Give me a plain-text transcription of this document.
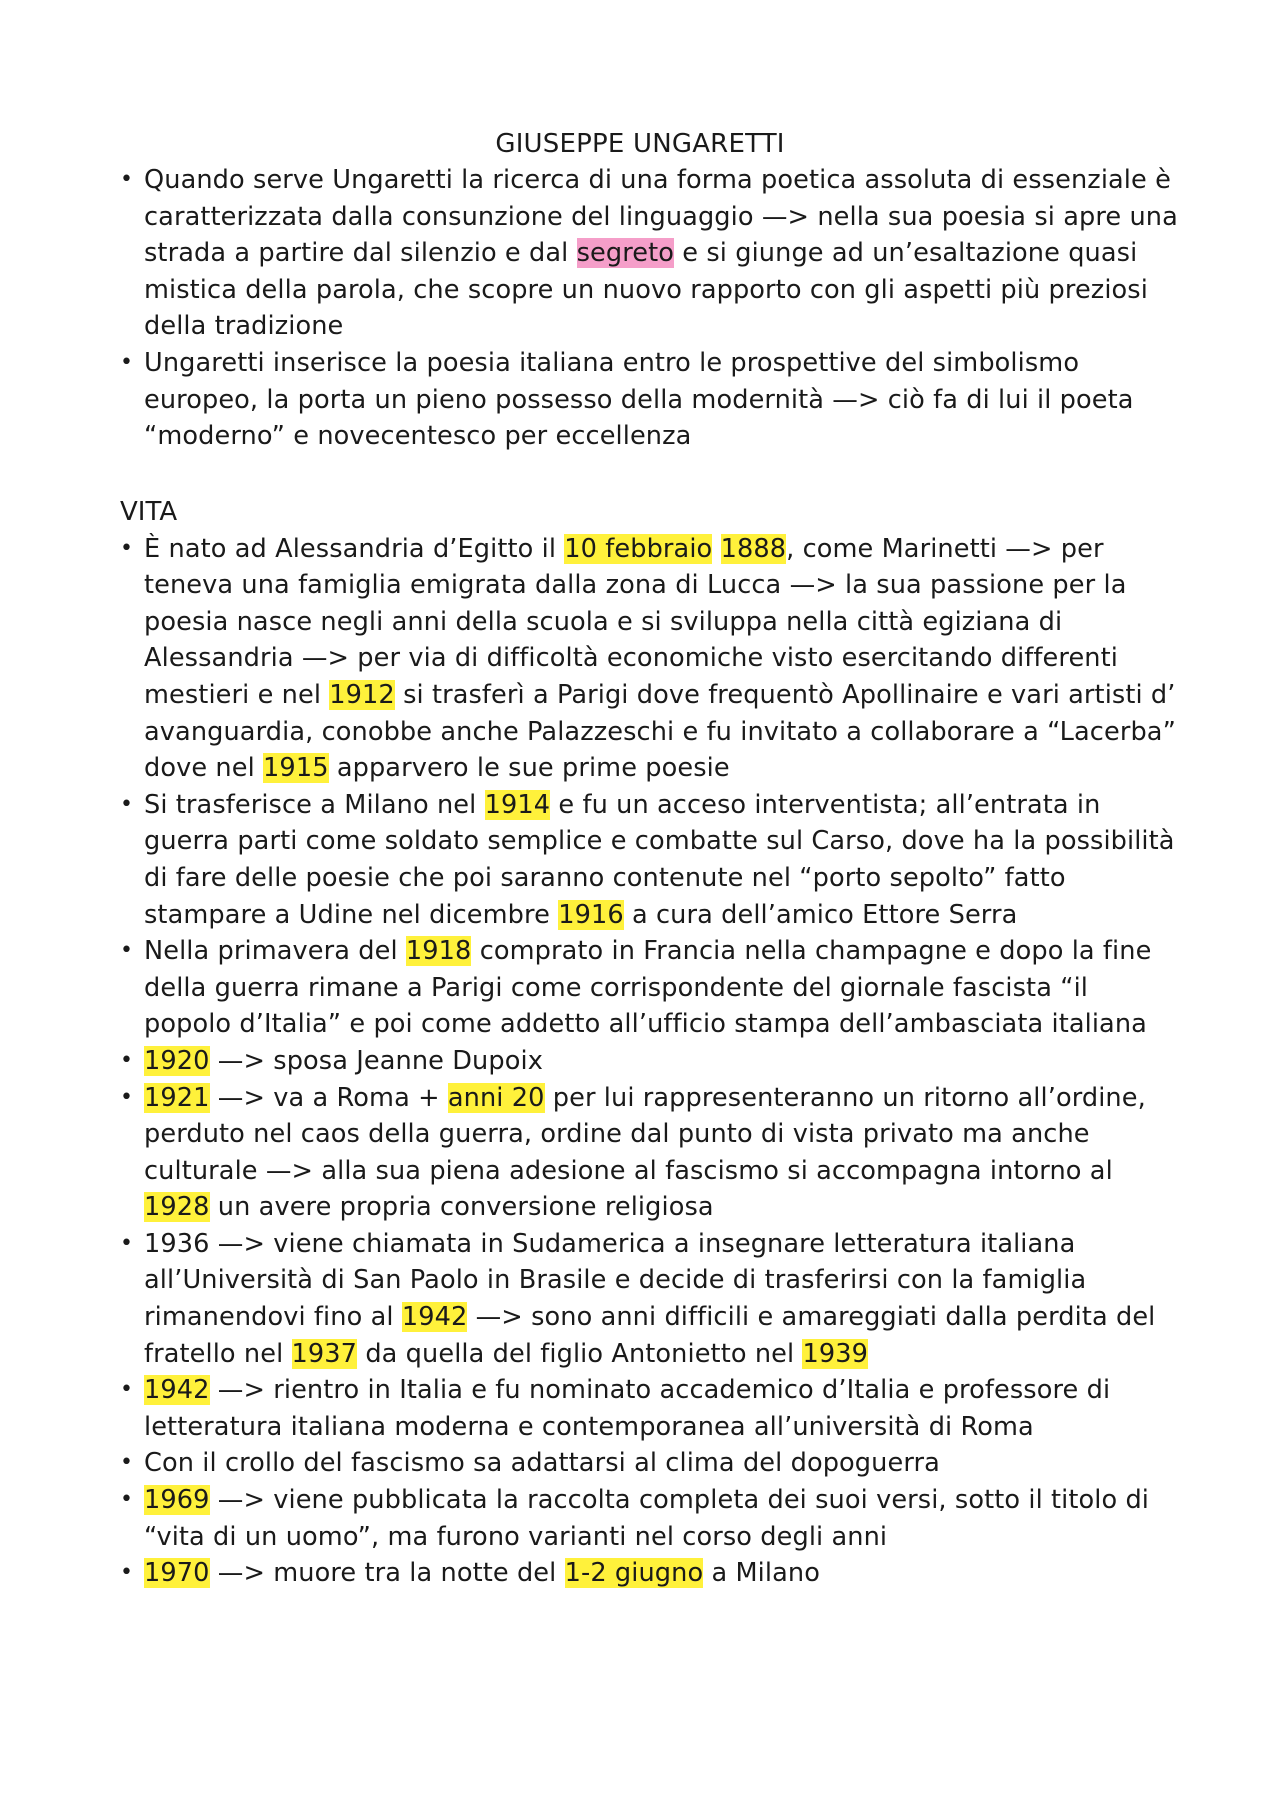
GIUSEPPE UNGARETTI
• Quando serve Ungaretti la ricerca di una forma poetica assoluta di essenziale è caratterizzata dalla consunzione del linguaggio —> nella sua poesia si apre una strada a partire dal silenzio e dal segreto e si giunge ad un’esaltazione quasi mistica della parola, che scopre un nuovo rapporto con gli aspetti più preziosi della tradizione
• Ungaretti inserisce la poesia italiana entro le prospettive del simbolismo europeo, la porta un pieno possesso della modernità —> ciò fa di lui il poeta “moderno” e novecentesco per eccellenza
VITA
• È nato ad Alessandria d’Egitto il 10 febbraio 1888, come Marinetti —> per teneva una famiglia emigrata dalla zona di Lucca —> la sua passione per la poesia nasce negli anni della scuola e si sviluppa nella città egiziana di Alessandria —> per via di difficoltà economiche visto esercitando differenti mestieri e nel 1912 si trasferì a Parigi dove frequentò Apollinaire e vari artisti d’ avanguardia, conobbe anche Palazzeschi e fu invitato a collaborare a “Lacerba” dove nel 1915 apparvero le sue prime poesie
• Si trasferisce a Milano nel 1914 e fu un acceso interventista; all’entrata in guerra parti come soldato semplice e combatte sul Carso, dove ha la possibilità di fare delle poesie che poi saranno contenute nel “porto sepolto” fatto stampare a Udine nel dicembre 1916 a cura dell’amico Ettore Serra
• Nella primavera del 1918 comprato in Francia nella champagne e dopo la fine della guerra rimane a Parigi come corrispondente del giornale fascista “il popolo d’Italia” e poi come addetto all’ufficio stampa dell’ambasciata italiana
• 1920 —> sposa Jeanne Dupoix
• 1921 —> va a Roma + anni 20 per lui rappresenteranno un ritorno all’ordine, perduto nel caos della guerra, ordine dal punto di vista privato ma anche culturale —> alla sua piena adesione al fascismo si accompagna intorno al 1928 un avere propria conversione religiosa
• 1936 —> viene chiamata in Sudamerica a insegnare letteratura italiana all’Università di San Paolo in Brasile e decide di trasferirsi con la famiglia rimanendovi fino al 1942 —> sono anni difficili e amareggiati dalla perdita del fratello nel 1937 da quella del figlio Antonietto nel 1939
• 1942 —> rientro in Italia e fu nominato accademico d’Italia e professore di letteratura italiana moderna e contemporanea all’università di Roma
• Con il crollo del fascismo sa adattarsi al clima del dopoguerra
• 1969 —> viene pubblicata la raccolta completa dei suoi versi, sotto il titolo di “vita di un uomo”, ma furono varianti nel corso degli anni
• 1970 —> muore tra la notte del 1-2 giugno a Milano
